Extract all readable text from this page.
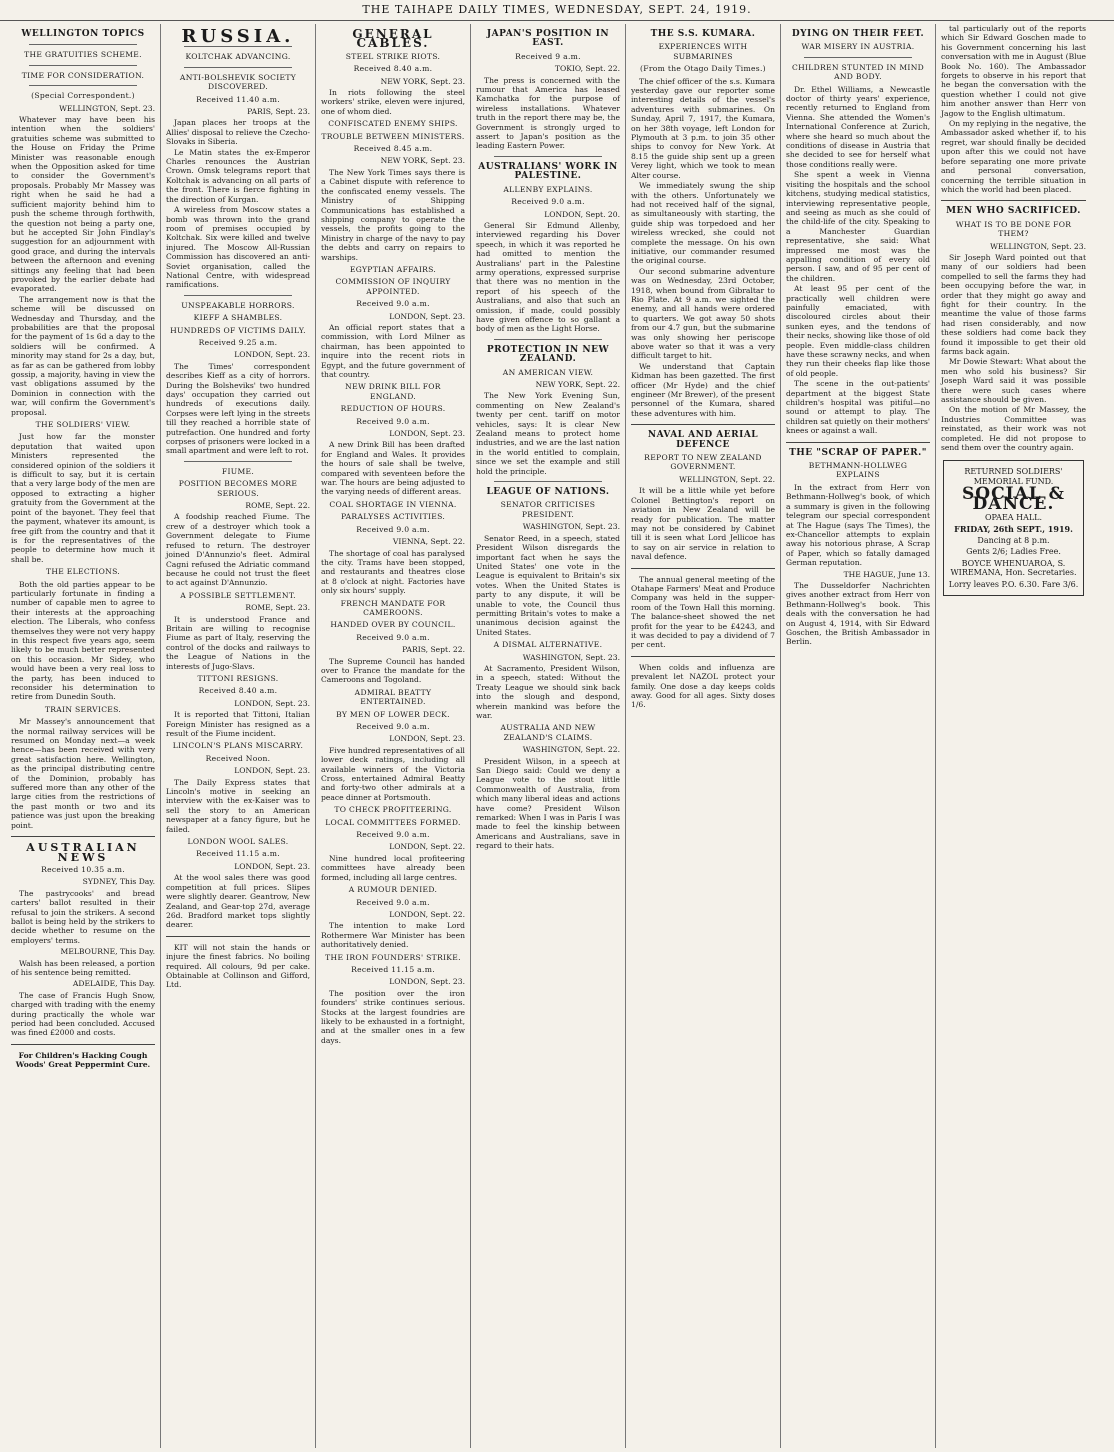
THE TAIHAPE DAILY TIMES, WEDNESDAY, SEPT. 24, 1919.
WELLINGTON TOPICS
THE GRATUITIES SCHEME.
TIME FOR CONSIDERATION.
(Special Correspondent.)
WELLINGTON, Sept. 23.

Whatever may have been his intention when the soldiers' gratuities scheme was submitted to the House on Friday the Prime Minister was reasonable enough when the Opposition asked for time to consider the Government's proposals. Probably Mr Massey was right when he said he had a sufficient majority behind him to push the scheme through forthwith, the question not being a party one, but he accepted Sir John Findlay's suggestion for an adjournment with good grace, and during the intervals between the afternoon and evening sittings any feeling that had been provoked by the earlier debate had evaporated.

The arrangement now is that the scheme will be discussed on Wednesday and Thursday, and the probabilities are that the proposal for the payment of 1s 6d a day to the soldiers will be confirmed. A minority may stand for 2s a day, but, as far as can be gathered from lobby gossip, a majority, having in view the vast obligations assumed by the Dominion in connection with the war, will confirm the Government's proposal.

THE SOLDIERS' VIEW.

Just how far the monster deputation that waited upon Ministers represented the considered opinion of the soldiers it is difficult to say, but it is certain that a very large body of the men are opposed to extracting a higher gratuity from the Government at the point of the bayonet. They feel that the payment, whatever its amount, is free gift from the country and that it is for the representatives of the people to determine how much it shall be.

THE ELECTIONS.

Both the old parties appear to be particularly fortunate in finding a number of capable men to agree to their interests at the approaching election. The Liberals, who confess themselves they were not very happy in this respect five years ago, seem likely to be much better represented on this occasion. Mr Sidey, who would have been a very real loss to the party, has been induced to reconsider his determination to retire from Dunedin South.

TRAIN SERVICES.

Mr Massey's announcement that the normal railway services will be resumed on Monday next—a week hence—has been received with very great satisfaction here. Wellington, as the principal distributing centre of the Dominion, probably has suffered more than any other of the large cities from the restrictions of the past month or two and its patience was just upon the breaking point.

AUSTRALIAN NEWS
Received 10.35 a.m.
SYDNEY, This Day.

The pastrycooks' and bread carters' ballot resulted in their refusal to join the strikers. A second ballot is being held by the strikers to decide whether to resume on the employers' terms.

MELBOURNE, This Day.

Walsh has been released, a portion of his sentence being remitted.

ADELAIDE, This Day.

The case of Francis Hugh Snow, charged with trading with the enemy during practically the whole war period had been concluded. Accused was fined £2000 and costs.

For Children's Hacking Cough Woods' Great Peppermint Cure.
RUSSIA.
KOLTCHAK ADVANCING.
ANTI-BOLSHEVIK SOCIETY DISCOVERED.
Received 11.40 a.m.
PARIS, Sept. 23.

Japan places her troops at the Allies' disposal to relieve the Czecho-Slovaks in Siberia.

Le Matin states the ex-Emperor Charles renounces the Austrian Crown. Omsk telegrams report that Koltchak is advancing on all parts of the front. There is fierce fighting in the direction of Kurgan.

A wireless from Moscow states a bomb was thrown into the grand room of premises occupied by Koltchak. Six were killed and twelve injured. The Moscow All-Russian Commission has discovered an anti-Soviet organisation, called the National Centre, with widespread ramifications.

UNSPEAKABLE HORRORS.
KIEFF A SHAMBLES.
HUNDREDS OF VICTIMS DAILY.
Received 9.25 a.m.
LONDON, Sept. 23.

The Times' correspondent describes Kieff as a city of horrors. During the Bolsheviks' two hundred days' occupation they carried out hundreds of executions daily. Corpses were left lying in the streets till they reached a horrible state of putrefaction. One hundred and forty corpses of prisoners were locked in a small apartment and were left to rot.

FIUME.
POSITION BECOMES MORE SERIOUS.
ROME, Sept. 22.

A foodship reached Fiume. The crew of a destroyer which took a Government delegate to Fiume refused to return. The destroyer joined D'Annunzio's fleet. Admiral Cagni refused the Adriatic command because he could not trust the fleet to act against D'Annunzio.

A POSSIBLE SETTLEMENT.
ROME, Sept. 23.

It is understood France and Britain are willing to recognise Fiume as part of Italy, reserving the control of the docks and railways to the League of Nations in the interests of Jugo-Slavs.

TITTONI RESIGNS.
Received 8.40 a.m.
LONDON, Sept. 23.

It is reported that Tittoni, Italian Foreign Minister has resigned as a result of the Fiume incident.

LINCOLN'S PLANS MISCARRY.
Received Noon.
LONDON, Sept. 23.

The Daily Express states that Lincoln's motive in seeking an interview with the ex-Kaiser was to sell the story to an American newspaper at a fancy figure, but he failed.

LONDON WOOL SALES.
Received 11.15 a.m.
LONDON, Sept. 23.

At the wool sales there was good competition at full prices. Slipes were slightly dearer. Geantrow, New Zealand, and Gear-top 27d, average 26d. Bradford market tops slightly dearer.

KIT will not stain the hands or injure the finest fabrics. No boiling required. All colours, 9d per cake. Obtainable at Collinson and Gifford, Ltd.

GENERAL CABLES.
STEEL STRIKE RIOTS.
Received 8.40 a.m.
NEW YORK, Sept. 23.

In riots following the steel workers' strike, eleven were injured, one of whom died.

CONFISCATED ENEMY SHIPS.
TROUBLE BETWEEN MINISTERS.
Received 8.45 a.m.
NEW YORK, Sept. 23.

The New York Times says there is a Cabinet dispute with reference to the confiscated enemy vessels. The Ministry of Shipping Communications has established a shipping company to operate the vessels, the profits going to the Ministry in charge of the navy to pay the debts and carry on repairs to warships.

EGYPTIAN AFFAIRS.
COMMISSION OF INQUIRY APPOINTED.
Received 9.0 a.m.
LONDON, Sept. 23.

An official report states that a commission, with Lord Milner as chairman, has been appointed to inquire into the recent riots in Egypt, and the future government of that country.

NEW DRINK BILL FOR ENGLAND.
REDUCTION OF HOURS.
Received 9.0 a.m.
LONDON, Sept. 23.

A new Drink Bill has been drafted for England and Wales. It provides the hours of sale shall be twelve, compared with seventeen before the war. The hours are being adjusted to the varying needs of different areas.

COAL SHORTAGE IN VIENNA.
PARALYSES ACTIVITIES.
Received 9.0 a.m.
VIENNA, Sept. 22.

The shortage of coal has paralysed the city. Trams have been stopped, and restaurants and theatres close at 8 o'clock at night. Factories have only six hours' supply.

FRENCH MANDATE FOR CAMEROONS.
HANDED OVER BY COUNCIL.
Received 9.0 a.m.
PARIS, Sept. 22.

The Supreme Council has handed over to France the mandate for the Cameroons and Togoland.

ADMIRAL BEATTY ENTERTAINED.
BY MEN OF LOWER DECK.
Received 9.0 a.m.
LONDON, Sept. 23.

Five hundred representatives of all lower deck ratings, including all available winners of the Victoria Cross, entertained Admiral Beatty and forty-two other admirals at a peace dinner at Portsmouth.

TO CHECK PROFITEERING.
LOCAL COMMITTEES FORMED.
Received 9.0 a.m.
LONDON, Sept. 22.

Nine hundred local profiteering committees have already been formed, including all large centres.

A RUMOUR DENIED.
Received 9.0 a.m.
LONDON, Sept. 22.

The intention to make Lord Rothermere War Minister has been authoritatively denied.

THE IRON FOUNDERS' STRIKE.
Received 11.15 a.m.
LONDON, Sept. 23.

The position over the iron founders' strike continues serious. Stocks at the largest foundries are likely to be exhausted in a fortnight, and at the smaller ones in a few days.

JAPAN'S POSITION IN EAST.
Received 9 a.m.
TOKIO, Sept. 22.

The press is concerned with the rumour that America has leased Kamchatka for the purpose of wireless installations. Whatever truth in the report there may be, the Government is strongly urged to assert to Japan's position as the leading Eastern Power.

AUSTRALIANS' WORK IN PALESTINE.
ALLENBY EXPLAINS.
Received 9.0 a.m.
LONDON, Sept. 20.

General Sir Edmund Allenby, interviewed regarding his Dover speech, in which it was reported he had omitted to mention the Australians' part in the Palestine army operations, expressed surprise that there was no mention in the report of his speech of the Australians, and also that such an omission, if made, could possibly have given offence to so gallant a body of men as the Light Horse.

PROTECTION IN NEW ZEALAND.
AN AMERICAN VIEW.
NEW YORK, Sept. 22.

The New York Evening Sun, commenting on New Zealand's twenty per cent. tariff on motor vehicles, says: It is clear New Zealand means to protect home industries, and we are the last nation in the world entitled to complain, since we set the example and still hold the principle.

LEAGUE OF NATIONS.
SENATOR CRITICISES PRESIDENT.
WASHINGTON, Sept. 23.

Senator Reed, in a speech, stated President Wilson disregards the important fact when he says the United States' one vote in the League is equivalent to Britain's six votes. When the United States is party to any dispute, it will be unable to vote, the Council thus permitting Britain's votes to make a unanimous decision against the United States.

A DISMAL ALTERNATIVE.
WASHINGTON, Sept. 23.

At Sacramento, President Wilson, in a speech, stated: Without the Treaty League we should sink back into the slough and despond, wherein mankind was before the war.

AUSTRALIA AND NEW ZEALAND'S CLAIMS.
WASHINGTON, Sept. 22.

President Wilson, in a speech at San Diego said: Could we deny a League vote to the stout little Commonwealth of Australia, from which many liberal ideas and actions have come? President Wilson remarked: When I was in Paris I was made to feel the kinship between Americans and Australians, save in regard to their hats.

THE S.S. KUMARA.
EXPERIENCES WITH SUBMARINES
(From the Otago Daily Times.)

The chief officer of the s.s. Kumara yesterday gave our reporter some interesting details of the vessel's adventures with submarines. On Sunday, April 7, 1917, the Kumara, on her 38th voyage, left London for Plymouth at 3 p.m. to join 35 other ships to convoy for New York. At 8.15 the guide ship sent up a green Verey light, which we took to mean Alter course.

We immediately swung the ship with the others. Unfortunately we had not received half of the signal, as simultaneously with starting, the guide ship was torpedoed and her wireless wrecked, she could not complete the message. On his own initiative, our commander resumed the original course.

Our second submarine adventure was on Wednesday, 23rd October, 1918, when bound from Gibraltar to Rio Plate. At 9 a.m. we sighted the enemy, and all hands were ordered to quarters. We got away 50 shots from our 4.7 gun, but the submarine was only showing her periscope above water so that it was a very difficult target to hit.

We understand that Captain Kidman has been gazetted. The first officer (Mr Hyde) and the chief engineer (Mr Brewer), of the present personnel of the Kumara, shared these adventures with him.

NAVAL AND AERIAL DEFENCE
REPORT TO NEW ZEALAND GOVERNMENT.
WELLINGTON, Sept. 22.

It will be a little while yet before Colonel Bettington's report on aviation in New Zealand will be ready for publication. The matter may not be considered by Cabinet till it is seen what Lord Jellicoe has to say on air service in relation to naval defence.

The annual general meeting of the Otahape Farmers' Meat and Produce Company was held in the supper-room of the Town Hall this morning. The balance-sheet showed the net profit for the year to be £4243, and it was decided to pay a dividend of 7 per cent.

When colds and influenza are prevalent let NAZOL protect your family. One dose a day keeps colds away. Good for all ages. Sixty doses 1/6.

DYING ON THEIR FEET.
WAR MISERY IN AUSTRIA.
CHILDREN STUNTED IN MIND AND BODY.

Dr. Ethel Williams, a Newcastle doctor of thirty years' experience, recently returned to England from Vienna. She attended the Women's International Conference at Zurich, where she heard so much about the conditions of disease in Austria that she decided to see for herself what those conditions really were.

She spent a week in Vienna visiting the hospitals and the school kitchens, studying medical statistics, interviewing representative people, and seeing as much as she could of the child-life of the city. Speaking to a Manchester Guardian representative, she said: What impressed me most was the appalling condition of every old person. I saw, and of 95 per cent of the children.

At least 95 per cent of the practically well children were painfully emaciated, with discoloured circles about their sunken eyes, and the tendons of their necks, showing like those of old people. Even middle-class children have these scrawny necks, and when they run their cheeks flap like those of old people.

The scene in the out-patients' department at the biggest State children's hospital was pitiful—no sound or attempt to play. The children sat quietly on their mothers' knees or against a wall.

THE "SCRAP OF PAPER."
BETHMANN-HOLLWEG EXPLAINS

In the extract from Herr von Bethmann-Hollweg's book, of which a summary is given in the following telegram our special correspondent at The Hague (says The Times), the ex-Chancellor attempts to explain away his notorious phrase, A Scrap of Paper, which so fatally damaged German reputation.

THE HAGUE, June 13.

The Dusseldorfer Nachrichten gives another extract from Herr von Bethmann-Hollweg's book. This deals with the conversation he had on August 4, 1914, with Sir Edward Goschen, the British Ambassador in Berlin.

tal particularly out of the reports which Sir Edward Goschen made to his Government concerning his last conversation with me in August (Blue Book No. 160). The Ambassador forgets to observe in his report that he began the conversation with the question whether I could not give him another answer than Herr von Jagow to the English ultimatum.

On my replying in the negative, the Ambassador asked whether if, to his regret, war should finally be decided upon after this we could not have before separating one more private and personal conversation, concerning the terrible situation in which the world had been placed.

MEN WHO SACRIFICED.
WHAT IS TO BE DONE FOR THEM?
WELLINGTON, Sept. 23.

Sir Joseph Ward pointed out that many of our soldiers had been compelled to sell the farms they had been occupying before the war, in order that they might go away and fight for their country. In the meantime the value of those farms had risen considerably, and now these soldiers had come back they found it impossible to get their old farms back again.

Mr Dowie Stewart: What about the men who sold his business? Sir Joseph Ward said it was possible there were such cases where assistance should be given.

On the motion of Mr Massey, the Industries Committee was reinstated, as their work was not completed. He did not propose to send them over the country again.

RETURNED SOLDIERS' MEMORIAL FUND.
SOCIAL & DANCE.
OPAEA HALL.
FRIDAY, 26th SEPT., 1919.
Dancing at 8 p.m.
Gents 2/6; Ladies Free.
BOYCE WHENUAROA, S. WIREMANA, Hon. Secretaries.
Lorry leaves P.O. 6.30. Fare 3/6.
